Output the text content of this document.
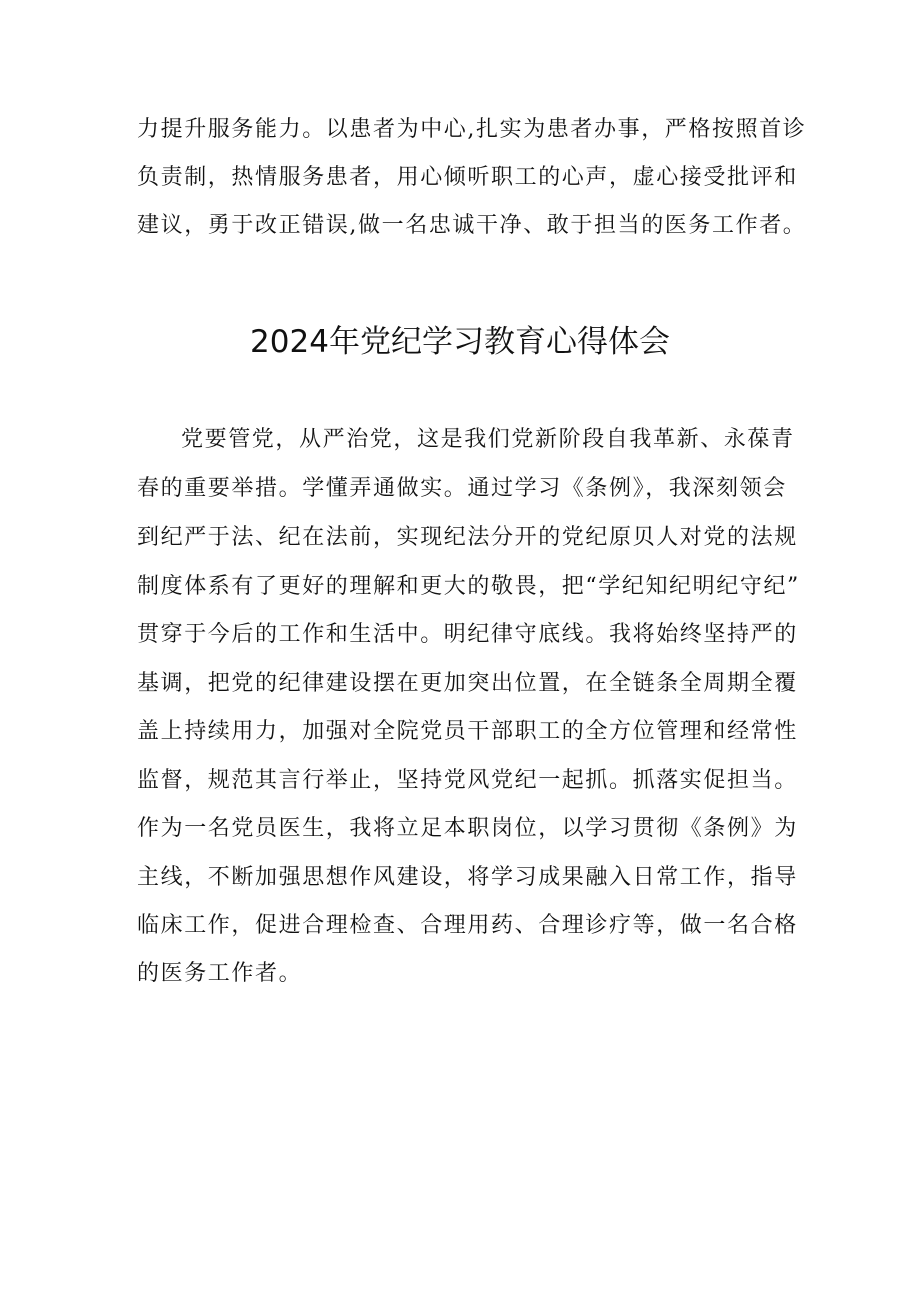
力提升服务能力。以患者为中心,扎实为患者办事，严格按照首诊
负责制，热情服务患者，用心倾听职工的心声，虚心接受批评和
建议，勇于改正错误,做一名忠诚干净、敢于担当的医务工作者。
2024年党纪学习教育心得体会
党要管党，从严治党，这是我们党新阶段自我革新、永葆青
春的重要举措。学懂弄通做实。通过学习《条例》，我深刻领会
到纪严于法、纪在法前，实现纪法分开的党纪原贝人对党的法规
制度体系有了更好的理解和更大的敬畏，把“学纪知纪明纪守纪”
贯穿于今后的工作和生活中。明纪律守底线。我将始终坚持严的
基调，把党的纪律建设摆在更加突出位置，在全链条全周期全覆
盖上持续用力，加强对全院党员干部职工的全方位管理和经常性
监督，规范其言行举止，坚持党风党纪一起抓。抓落实促担当。
作为一名党员医生，我将立足本职岗位，以学习贯彻《条例》为
主线，不断加强思想作风建设，将学习成果融入日常工作，指导
临床工作，促进合理检查、合理用药、合理诊疗等，做一名合格
的医务工作者。
